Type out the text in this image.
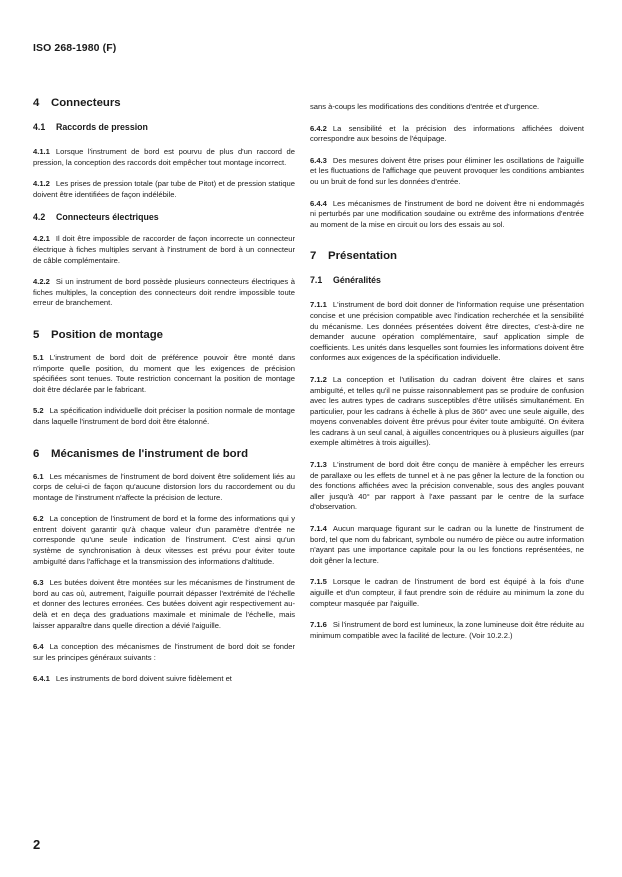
ISO 268-1980 (F)
4 Connecteurs
4.1 Raccords de pression

4.1.1 Lorsque l'instrument de bord est pourvu de plus d'un raccord de pression, la conception des raccords doit empêcher tout montage incorrect.

4.1.2 Les prises de pression totale (par tube de Pitot) et de pression statique doivent être identifiées de façon indélébile.

4.2 Connecteurs électriques

4.2.1 Il doit être impossible de raccorder de façon incorrecte un connecteur électrique à fiches multiples servant à l'instrument de bord à un connecteur de câble complémentaire.

4.2.2 Si un instrument de bord possède plusieurs connecteurs électriques à fiches multiples, la conception des connecteurs doit rendre impossible toute erreur de branchement.

5 Position de montage

5.1 L'instrument de bord doit de préférence pouvoir être monté dans n'importe quelle position, du moment que les exigences de précision spécifiées sont tenues. Toute restriction concernant la position de montage doit être déclarée par le fabricant.

5.2 La spécification individuelle doit préciser la position normale de montage dans laquelle l'instrument de bord doit être étalonné.

6 Mécanismes de l'instrument de bord

6.1 Les mécanismes de l'instrument de bord doivent être solidement liés au corps de celui-ci de façon qu'aucune distorsion lors du raccordement ou du montage de l'instrument n'affecte la précision de lecture.

6.2 La conception de l'instrument de bord et la forme des informations qui y entrent doivent garantir qu'à chaque valeur d'un paramètre d'entrée ne corresponde qu'une seule indication de l'instrument. C'est ainsi qu'un système de synchronisation à deux vitesses est prévu pour éviter toute ambiguïté dans l'affichage et la transmission des informations d'altitude.

6.3 Les butées doivent être montées sur les mécanismes de l'instrument de bord au cas où, autrement, l'aiguille pourrait dépasser l'extrémité de l'échelle et donner des lectures erronées. Ces butées doivent agir respectivement au-delà et en deça des graduations maximale et minimale de l'échelle, mais laisser apparaître dans quelle direction a dévié l'aiguille.

6.4 La conception des mécanismes de l'instrument de bord doit se fonder sur les principes généraux suivants :

6.4.1 Les instruments de bord doivent suivre fidèlement et

sans à-coups les modifications des conditions d'entrée et d'urgence.

6.4.2 La sensibilité et la précision des informations affichées doivent correspondre aux besoins de l'équipage.

6.4.3 Des mesures doivent être prises pour éliminer les oscillations de l'aiguille et les fluctuations de l'affichage que peuvent provoquer les conditions ambiantes ou un bruit de fond sur les données d'entrée.

6.4.4 Les mécanismes de l'instrument de bord ne doivent être ni endommagés ni perturbés par une modification soudaine ou extrême des informations d'entrée au moment de la mise en circuit ou lors des essais au sol.

7 Présentation
7.1 Généralités

7.1.1 L'instrument de bord doit donner de l'information requise une présentation concise et une précision compatible avec l'indication recherchée et la sensibilité du mécanisme. Les données présentées doivent être directes, c'est-à-dire ne demander aucune opération complémentaire, sauf application simple de coefficients. Les unités dans lesquelles sont fournies les informations doivent être conformes aux exigences de la spécification individuelle.

7.1.2 La conception et l'utilisation du cadran doivent être claires et sans ambiguïté, et telles qu'il ne puisse raisonnablement pas se produire de confusion avec les autres types de cadrans susceptibles d'être utilisés simultanément. En particulier, pour les cadrans à échelle à plus de 360° avec une seule aiguille, des moyens convenables doivent être prévus pour éviter toute ambiguïté. On évitera les cadrans à un seul canal, à aiguilles concentriques ou à plusieurs aiguilles (par exemple altimètres à trois aiguilles).

7.1.3 L'instrument de bord doit être conçu de manière à empêcher les erreurs de parallaxe ou les effets de tunnel et à ne pas gêner la lecture de la fonction ou des fonctions affichées avec la précision convenable, sous des angles pouvant aller jusqu'à 40° par rapport à l'axe passant par le centre de la surface d'observation.

7.1.4 Aucun marquage figurant sur le cadran ou la lunette de l'instrument de bord, tel que nom du fabricant, symbole ou numéro de pièce ou autre information n'ayant pas une importance capitale pour la ou les fonctions représentées, ne doit gêner la lecture.

7.1.5 Lorsque le cadran de l'instrument de bord est équipé à la fois d'une aiguille et d'un compteur, il faut prendre soin de réduire au minimum la zone du compteur masquée par l'aiguille.

7.1.6 Si l'instrument de bord est lumineux, la zone lumineuse doit être réduite au minimum compatible avec la facilité de lecture. (Voir 10.2.2.)

2
